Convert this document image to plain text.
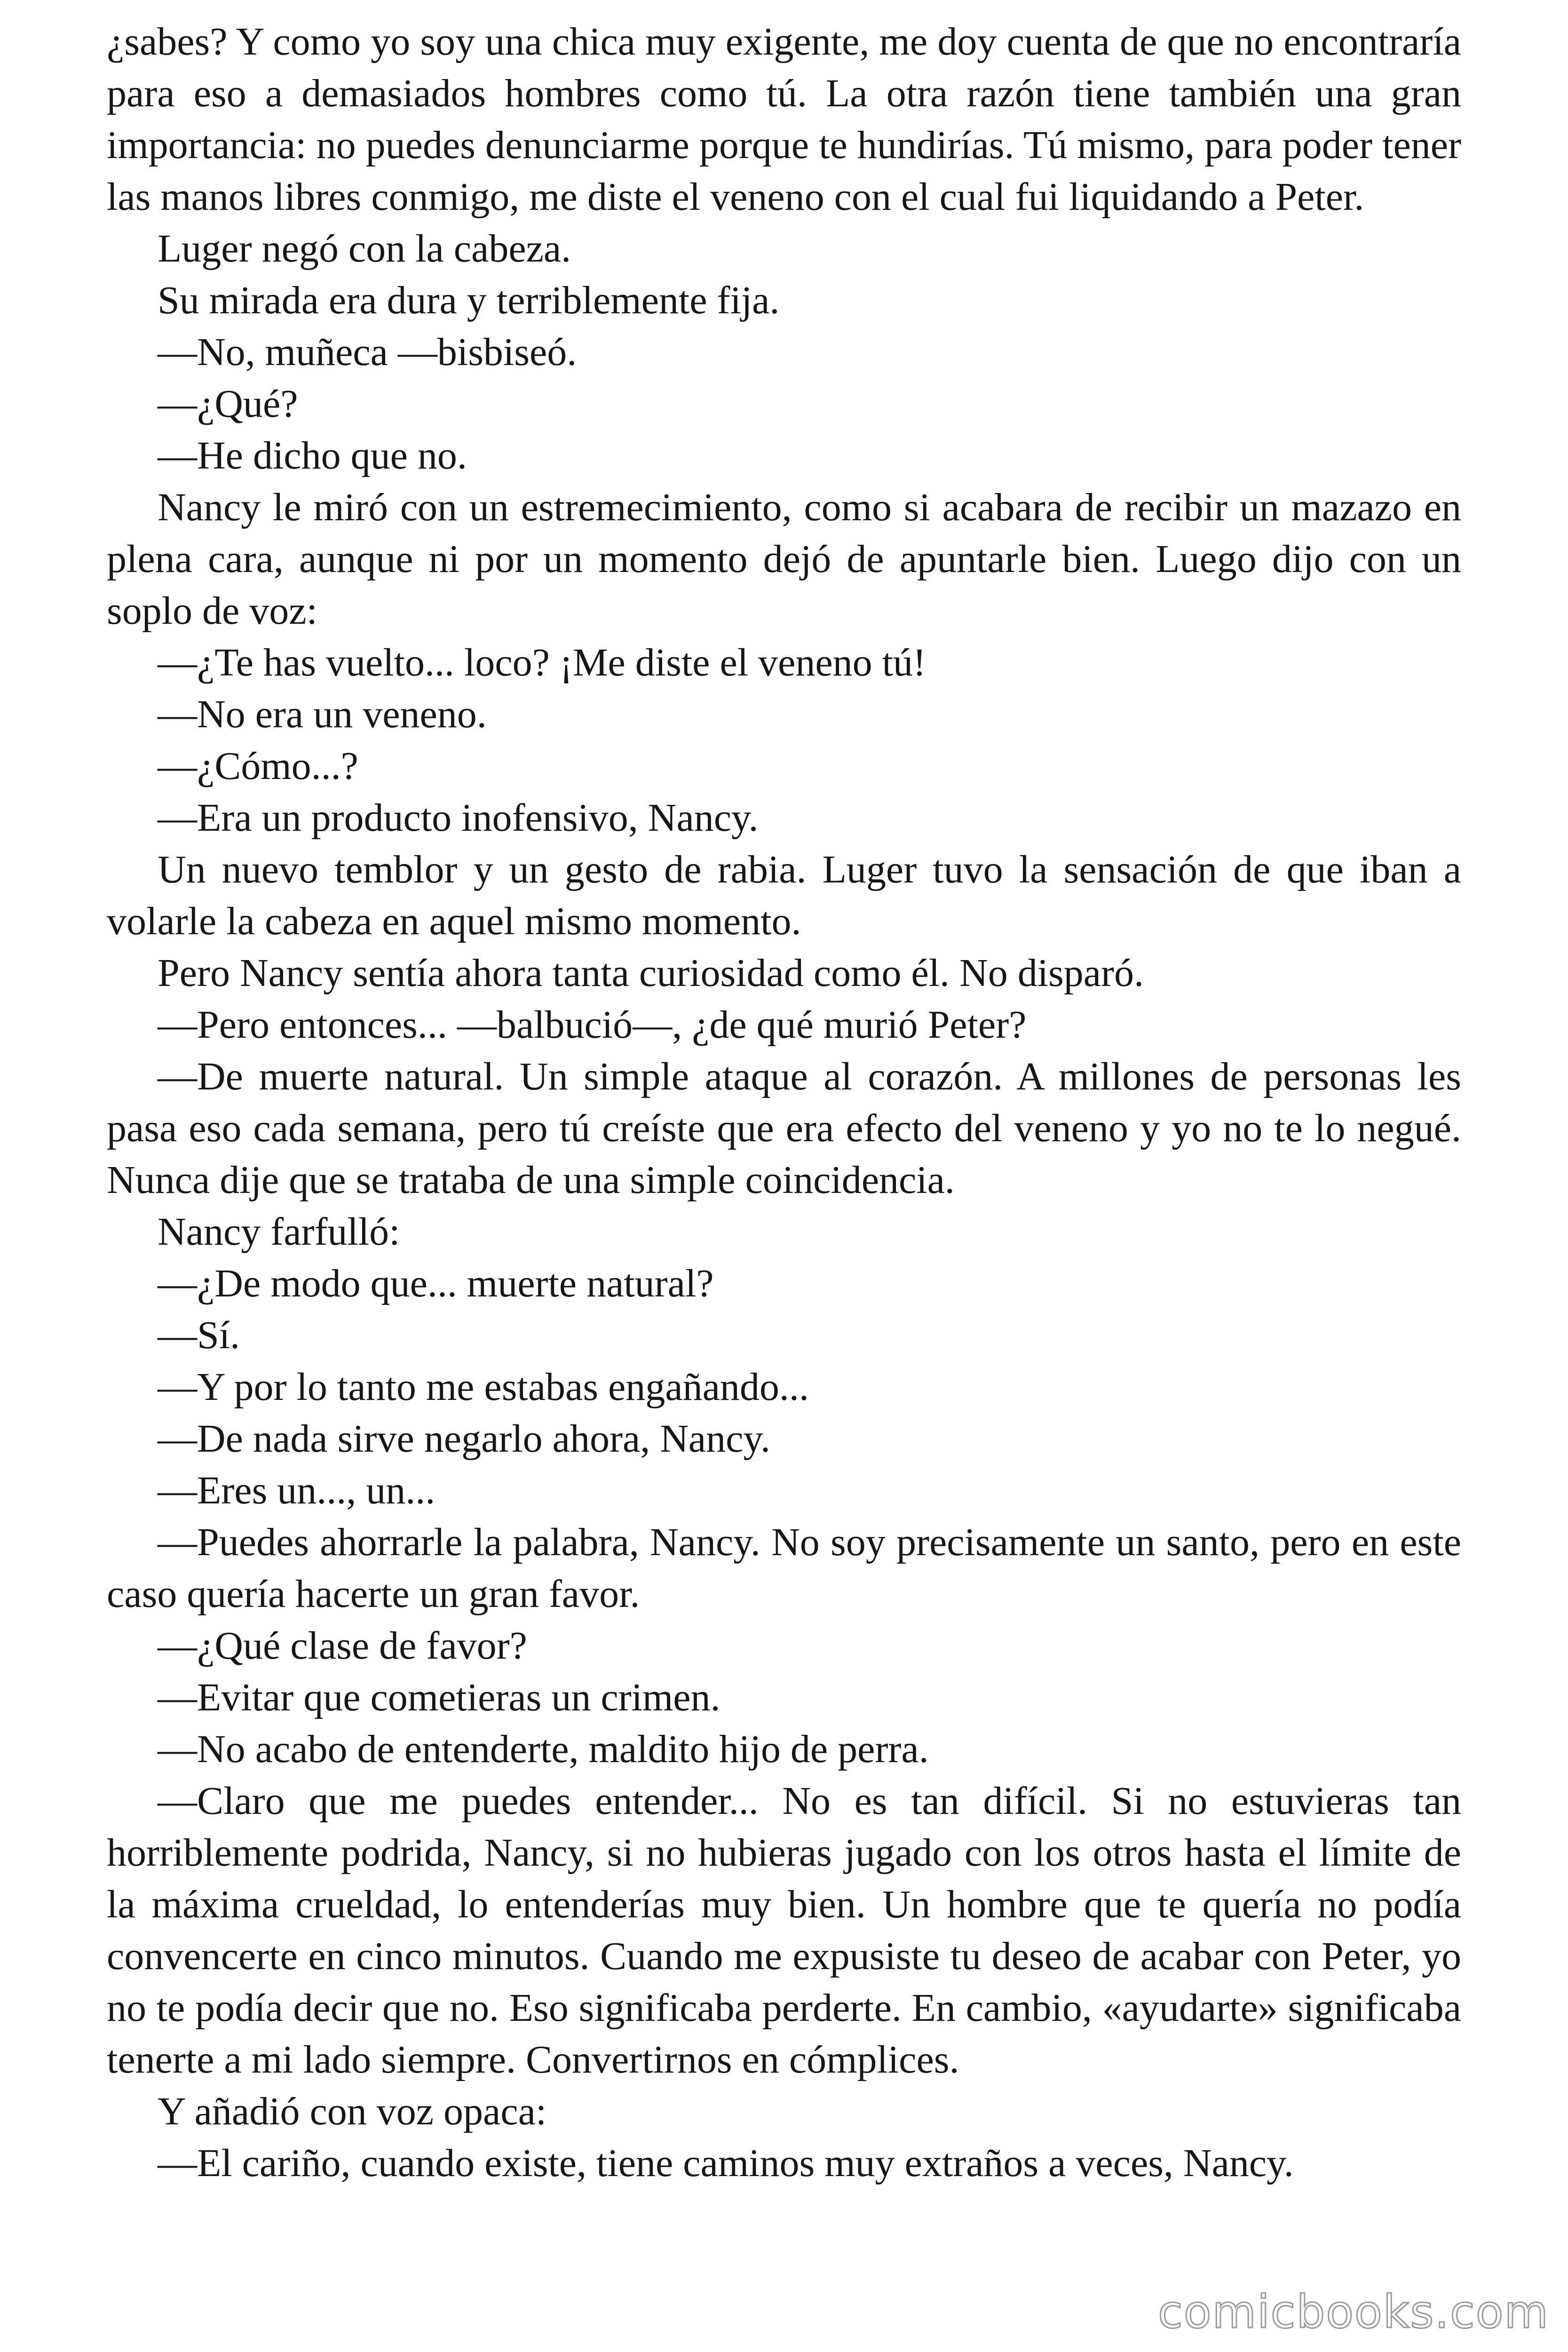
¿sabes? Y como yo soy una chica muy exigente, me doy cuenta de que no encontraría para eso a demasiados hombres como tú. La otra razón tiene también una gran importancia: no puedes denunciarme porque te hundirías. Tú mismo, para poder tener las manos libres conmigo, me diste el veneno con el cual fui liquidando a Peter.

Luger negó con la cabeza.

Su mirada era dura y terriblemente fija.

—No, muñeca —bisbiseó.

—¿Qué?

—He dicho que no.

Nancy le miró con un estremecimiento, como si acabara de recibir un mazazo en plena cara, aunque ni por un momento dejó de apuntarle bien. Luego dijo con un soplo de voz:

—¿Te has vuelto... loco? ¡Me diste el veneno tú!

—No era un veneno.

—¿Cómo...?

—Era un producto inofensivo, Nancy.

Un nuevo temblor y un gesto de rabia. Luger tuvo la sensación de que iban a volarle la cabeza en aquel mismo momento.

Pero Nancy sentía ahora tanta curiosidad como él. No disparó.

—Pero entonces... —balbució—, ¿de qué murió Peter?

—De muerte natural. Un simple ataque al corazón. A millones de personas les pasa eso cada semana, pero tú creíste que era efecto del veneno y yo no te lo negué. Nunca dije que se trataba de una simple coincidencia.

Nancy farfulló:

—¿De modo que... muerte natural?

—Sí.

—Y por lo tanto me estabas engañando...

—De nada sirve negarlo ahora, Nancy.

—Eres un..., un...

—Puedes ahorrarle la palabra, Nancy. No soy precisamente un santo, pero en este caso quería hacerte un gran favor.

—¿Qué clase de favor?

—Evitar que cometieras un crimen.

—No acabo de entenderte, maldito hijo de perra.

—Claro que me puedes entender... No es tan difícil. Si no estuvieras tan horriblemente podrida, Nancy, si no hubieras jugado con los otros hasta el límite de la máxima crueldad, lo entenderías muy bien. Un hombre que te quería no podía convencerte en cinco minutos. Cuando me expusiste tu deseo de acabar con Peter, yo no te podía decir que no. Eso significaba perderte. En cambio, «ayudarte» significaba tenerte a mi lado siempre. Convertirnos en cómplices.

Y añadió con voz opaca:

—El cariño, cuando existe, tiene caminos muy extraños a veces, Nancy.

comicbooks.com
